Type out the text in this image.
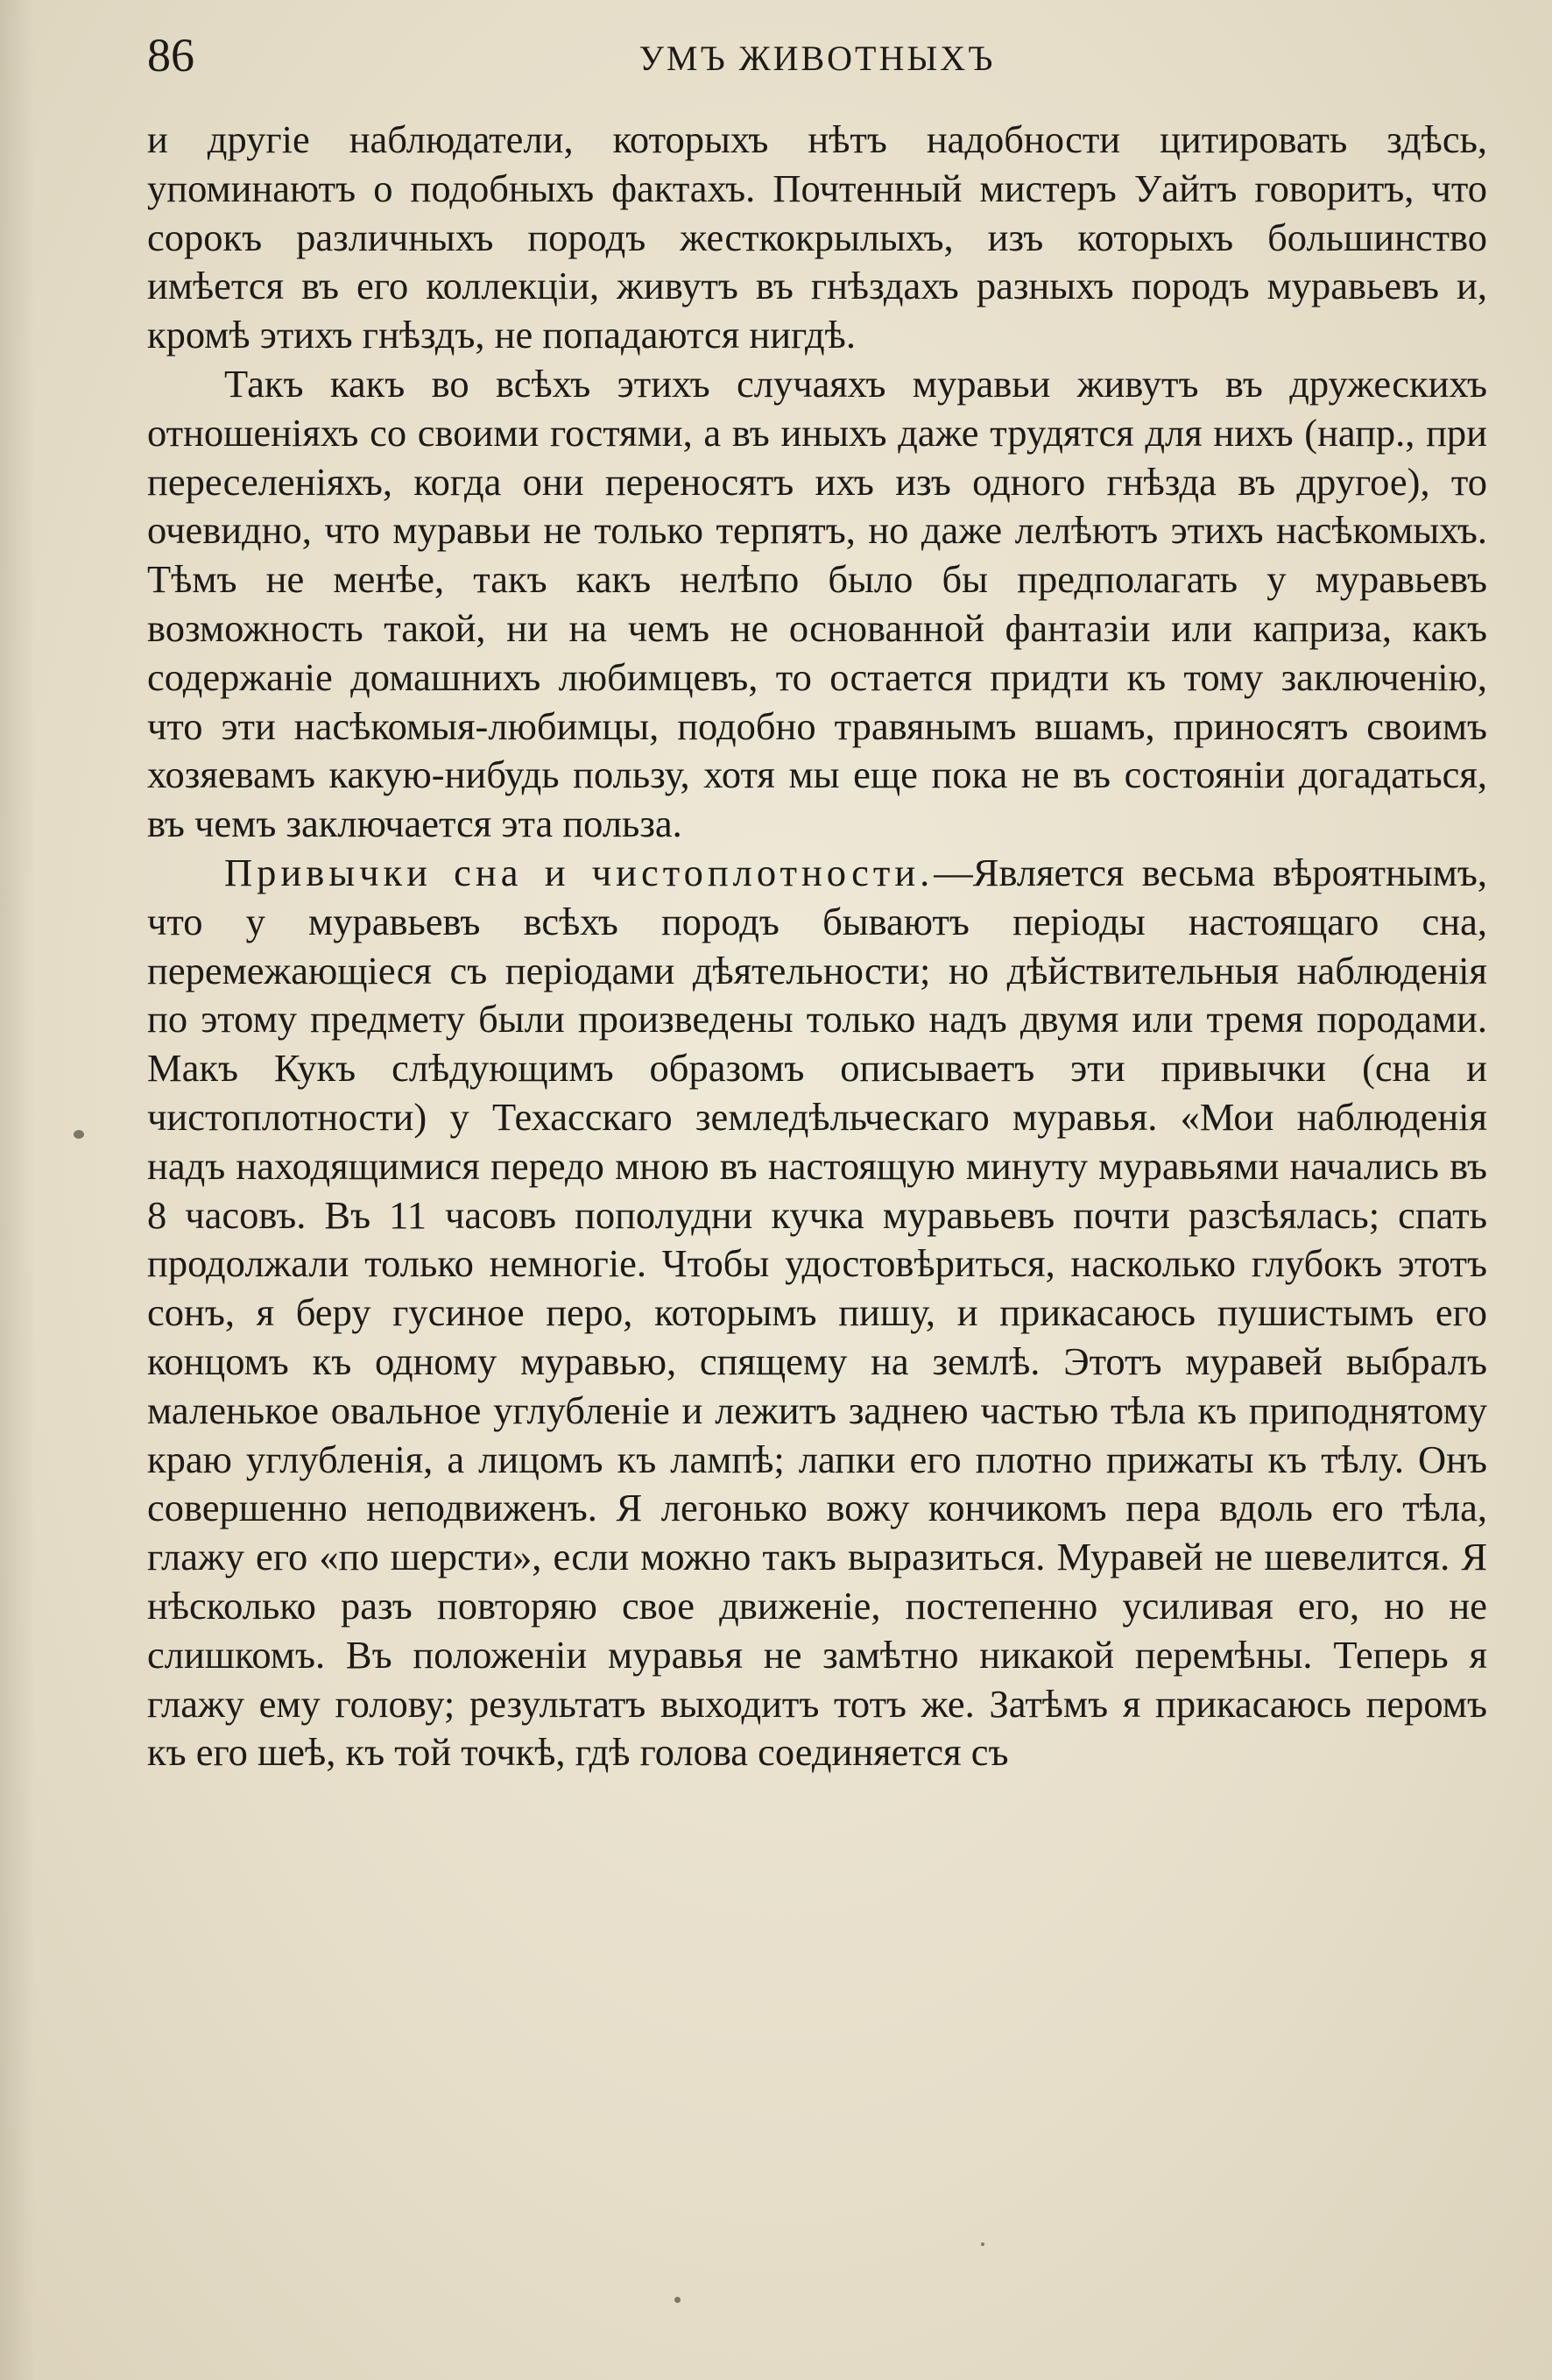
86	УМЪ ЖИВОТНЫХЪ

и другіе наблюдатели, которыхъ нѣтъ надобности цитировать здѣсь, упоминаютъ о подобныхъ фактахъ. Почтенный мистеръ Уайтъ говоритъ, что сорокъ различныхъ породъ жесткокрылыхъ, изъ которыхъ большинство имѣется въ его коллекціи, живутъ въ гнѣздахъ разныхъ породъ муравьевъ и, кромѣ этихъ гнѣздъ, не попадаются нигдѣ.

Такъ какъ во всѣхъ этихъ случаяхъ муравьи живутъ въ дружескихъ отношеніяхъ со своими гостями, а въ иныхъ даже трудятся для нихъ (напр., при переселеніяхъ, когда они переносятъ ихъ изъ одного гнѣзда въ другое), то очевидно, что муравьи не только терпятъ, но даже лелѣютъ этихъ насѣкомыхъ. Тѣмъ не менѣе, такъ какъ нелѣпо было бы предполагать у муравьевъ возможность такой, ни на чемъ не основанной фантазіи или каприза, какъ содержаніе домашнихъ любимцевъ, то остается придти къ тому заключенію, что эти насѣкомыя-любимцы, подобно травянымъ вшамъ, приносятъ своимъ хозяевамъ какую-нибудь пользу, хотя мы еще пока не въ состояніи догадаться, въ чемъ заключается эта польза.

Привычки сна и чистоплотности.—Является весьма вѣроятнымъ, что у муравьевъ всѣхъ породъ бываютъ періоды настоящаго сна, перемежающіеся съ періодами дѣятельности; но дѣйствительныя наблюденія по этому предмету были произведены только надъ двумя или тремя породами. Макъ Кукъ слѣдующимъ образомъ описываетъ эти привычки (сна и чистоплотности) у Техасскаго земледѣльческаго муравья. «Мои наблюденія надъ находящимися передо мною въ настоящую минуту муравьями начались въ 8 часовъ. Въ 11 часовъ пополудни кучка муравьевъ почти разсѣялась; спать продолжали только немногіе. Чтобы удостовѣриться, насколько глубокъ этотъ сонъ, я беру гусиное перо, которымъ пишу, и прикасаюсь пушистымъ его концомъ къ одному муравью, спящему на землѣ. Этотъ муравей выбралъ маленькое овальное углубленіе и лежитъ заднею частью тѣла къ приподнятому краю углубленія, а лицомъ къ лампѣ; лапки его плотно прижаты къ тѣлу. Онъ совершенно неподвиженъ. Я легонько вожу кончикомъ пера вдоль его тѣла, глажу его «по шерсти», если можно такъ выразиться. Муравей не шевелится. Я нѣсколько разъ повторяю свое движеніе, постепенно усиливая его, но не слишкомъ. Въ положеніи муравья не замѣтно никакой перемѣны. Теперь я глажу ему голову; результатъ выходитъ тотъ же. Затѣмъ я прикасаюсь перомъ къ его шеѣ, къ той точкѣ, гдѣ голова соединяется съ
